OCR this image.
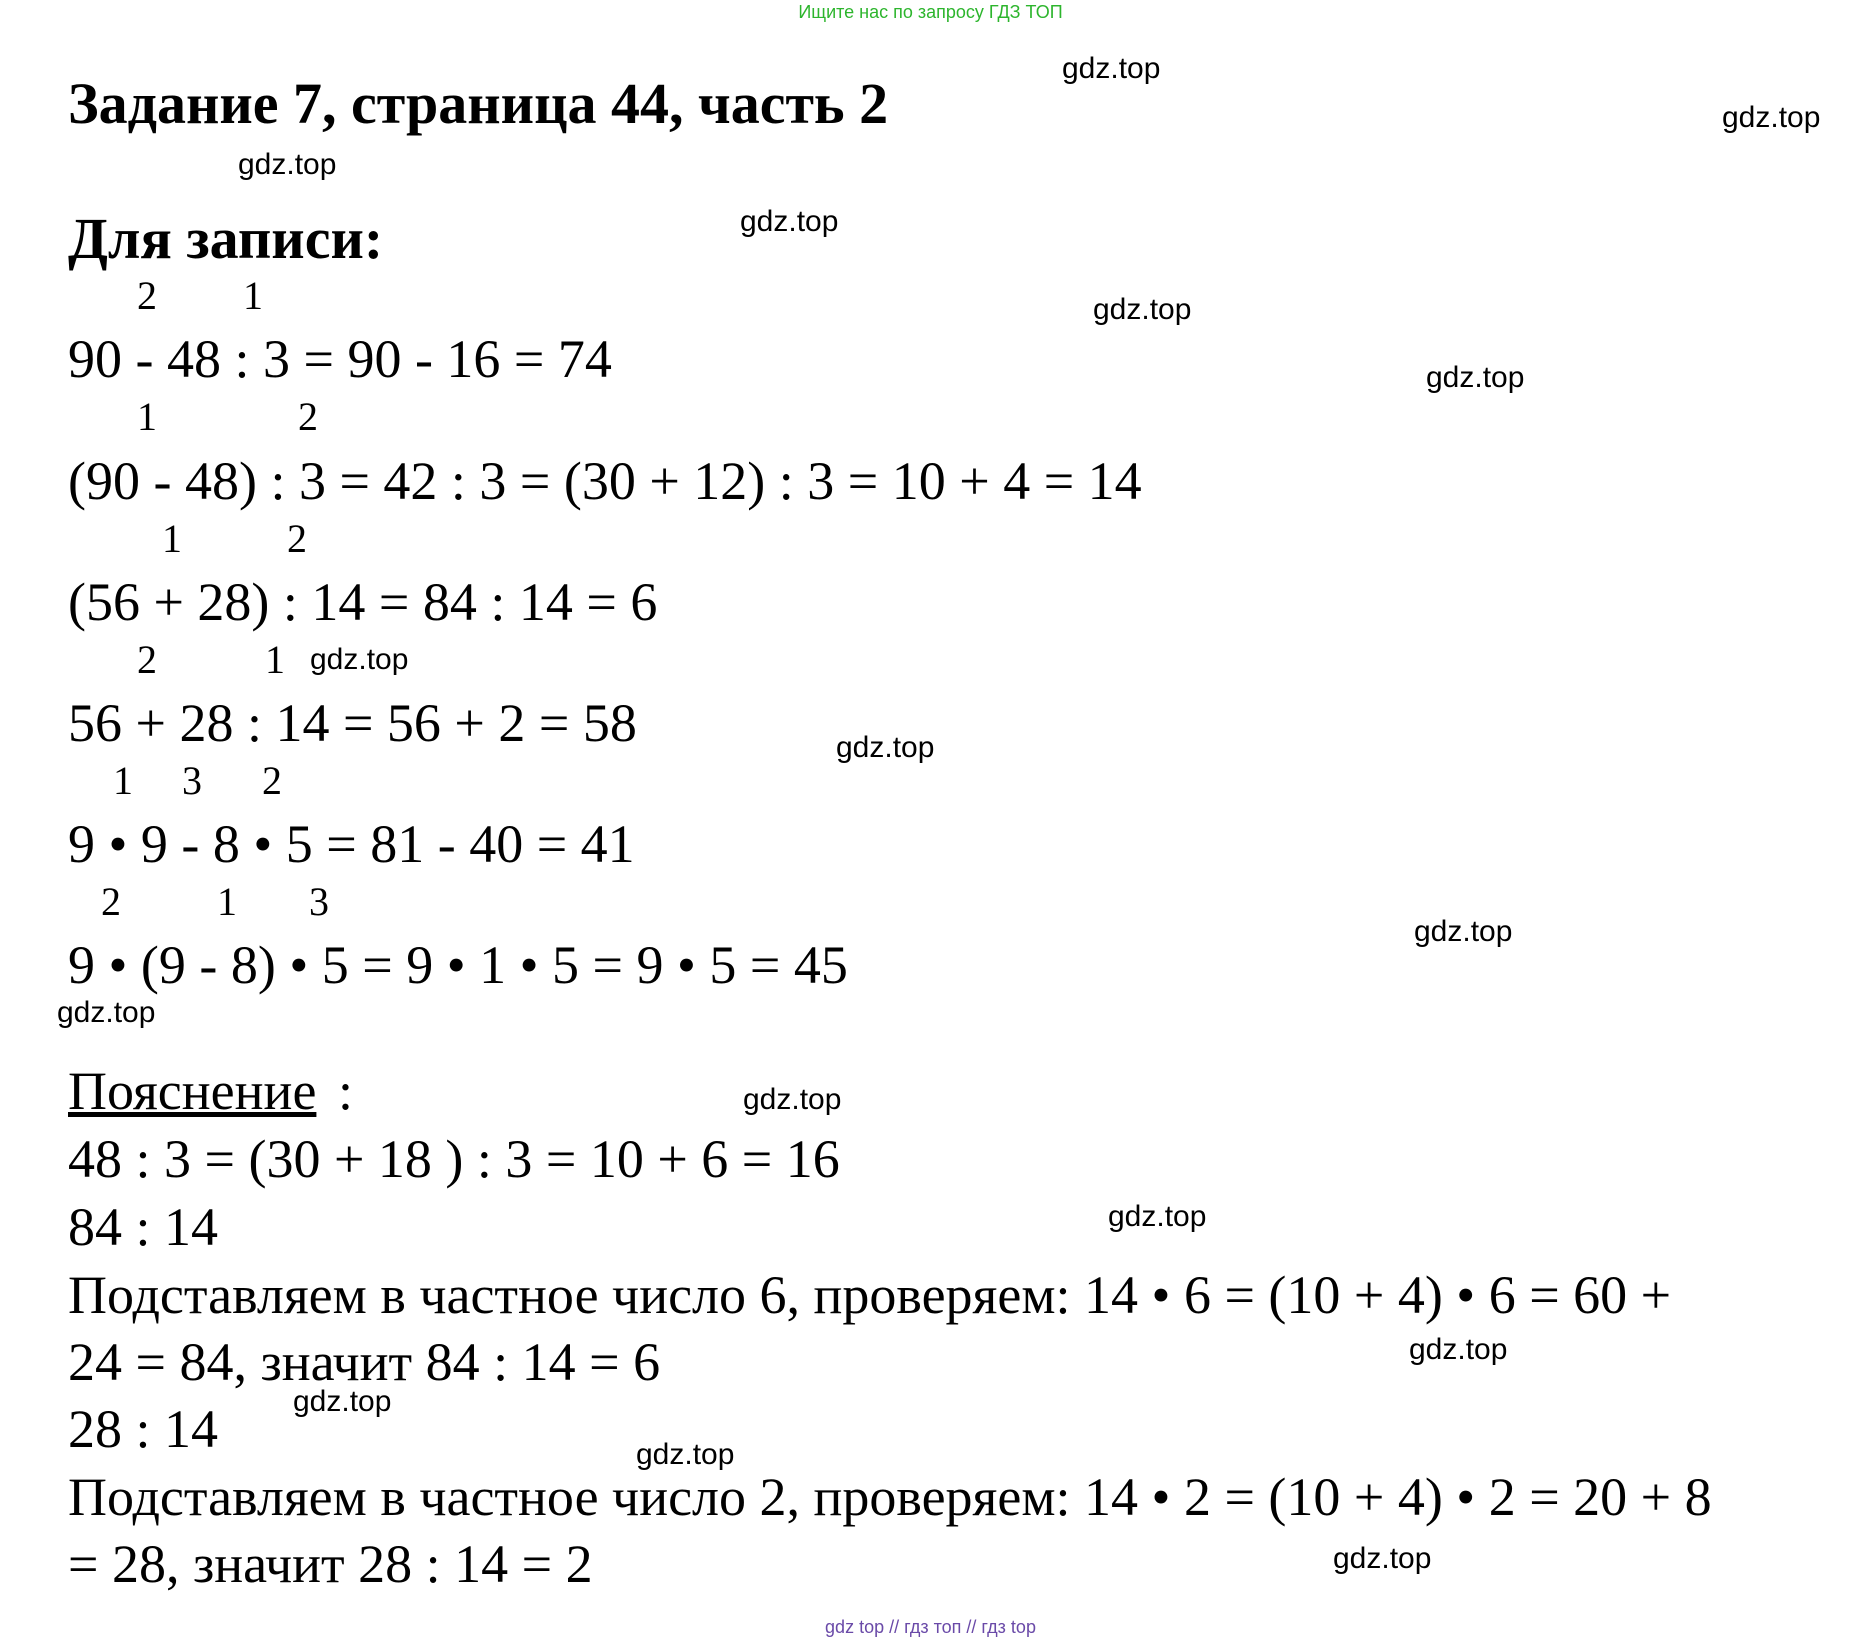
Ищите нас по запросу ГДЗ ТОП
Задание 7, страница 44, часть 2
Для записи:
2 1
90 - 48 : 3 = 90 - 16 = 74
1	2
(90 - 48) : 3 = 42 : 3 = (30 + 12) : 3 = 10 + 4 = 14
1	2
(56 + 28) : 14 = 84 : 14 = 6
2	1
56 + 28 : 14 = 56 + 2 = 58
1 3 2
9 • 9 - 8 • 5 = 81 - 40 = 41
2 1 3
9 • (9 - 8) • 5 = 9 • 1 • 5 = 9 • 5 = 45
Пояснение :
48 : 3 = (30 + 18 ) : 3 = 10 + 6 = 16
84 : 14
Подставляем в частное число 6, проверяем: 14 • 6 = (10 + 4) • 6 = 60 +
24 = 84, значит 84 : 14 = 6
28 : 14
Подставляем в частное число 2, проверяем: 14 • 2 = (10 + 4) • 2 = 20 + 8
= 28, значит 28 : 14 = 2
gdz.top
gdz.top
gdz.top
gdz.top
gdz.top
gdz.top
gdz.top
gdz.top
gdz.top
gdz.top
gdz.top
gdz.top
gdz.top
gdz.top
gdz.top
gdz.top
gdz top // гдз топ // гдз top
